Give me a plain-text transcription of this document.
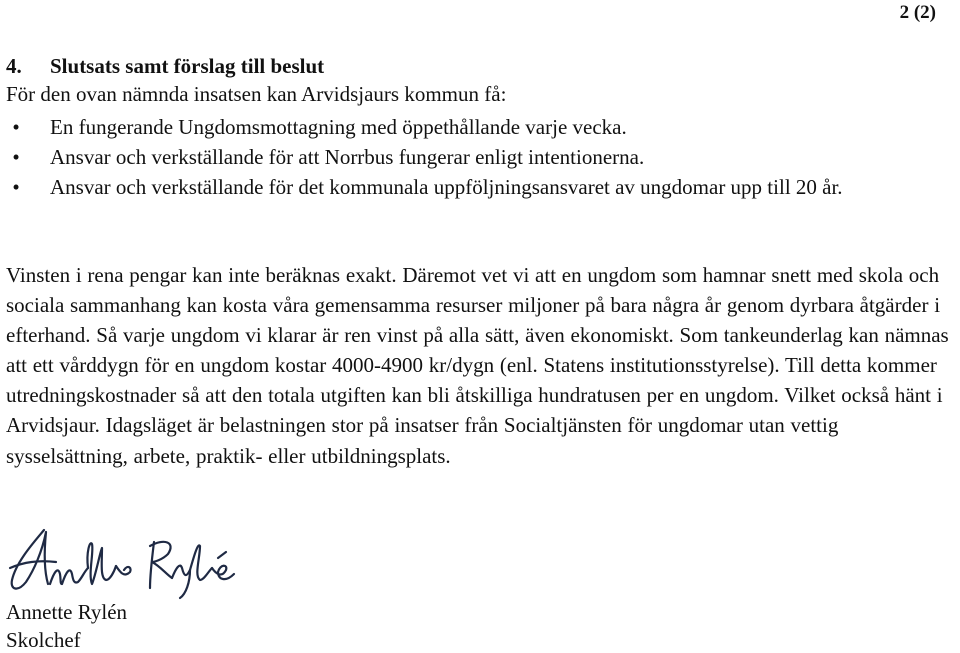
2 (2)
4. Slutsats samt förslag till beslut

För den ovan nämnda insatsen kan Arvidsjaurs kommun få:

•	En fungerande Ungdomsmottagning med öppethållande varje vecka.
•	Ansvar och verkställande för att Norrbus fungerar enligt intentionerna.
•	Ansvar och verkställande för det kommunala uppföljningsansvaret av ungdomar upp till 20 år.

Vinsten i rena pengar kan inte beräknas exakt. Däremot vet vi att en ungdom som hamnar snett med skola och sociala sammanhang kan kosta våra gemensamma resurser miljoner på bara några år genom dyrbara åtgärder i efterhand. Så varje ungdom vi klarar är ren vinst på alla sätt, även ekonomiskt. Som tankeunderlag kan nämnas att ett vårddygn för en ungdom kostar 4000-4900 kr/dygn (enl. Statens institutionsstyrelse). Till detta kommer utredningskostnader så att den totala utgiften kan bli åtskilliga hundratusen per en ungdom. Vilket också hänt i Arvidsjaur. Idagsläget är belastningen stor på insatser från Socialtjänsten för ungdomar utan vettig sysselsättning, arbete, praktik- eller utbildningsplats.

Annette Rylén

Skolchef
